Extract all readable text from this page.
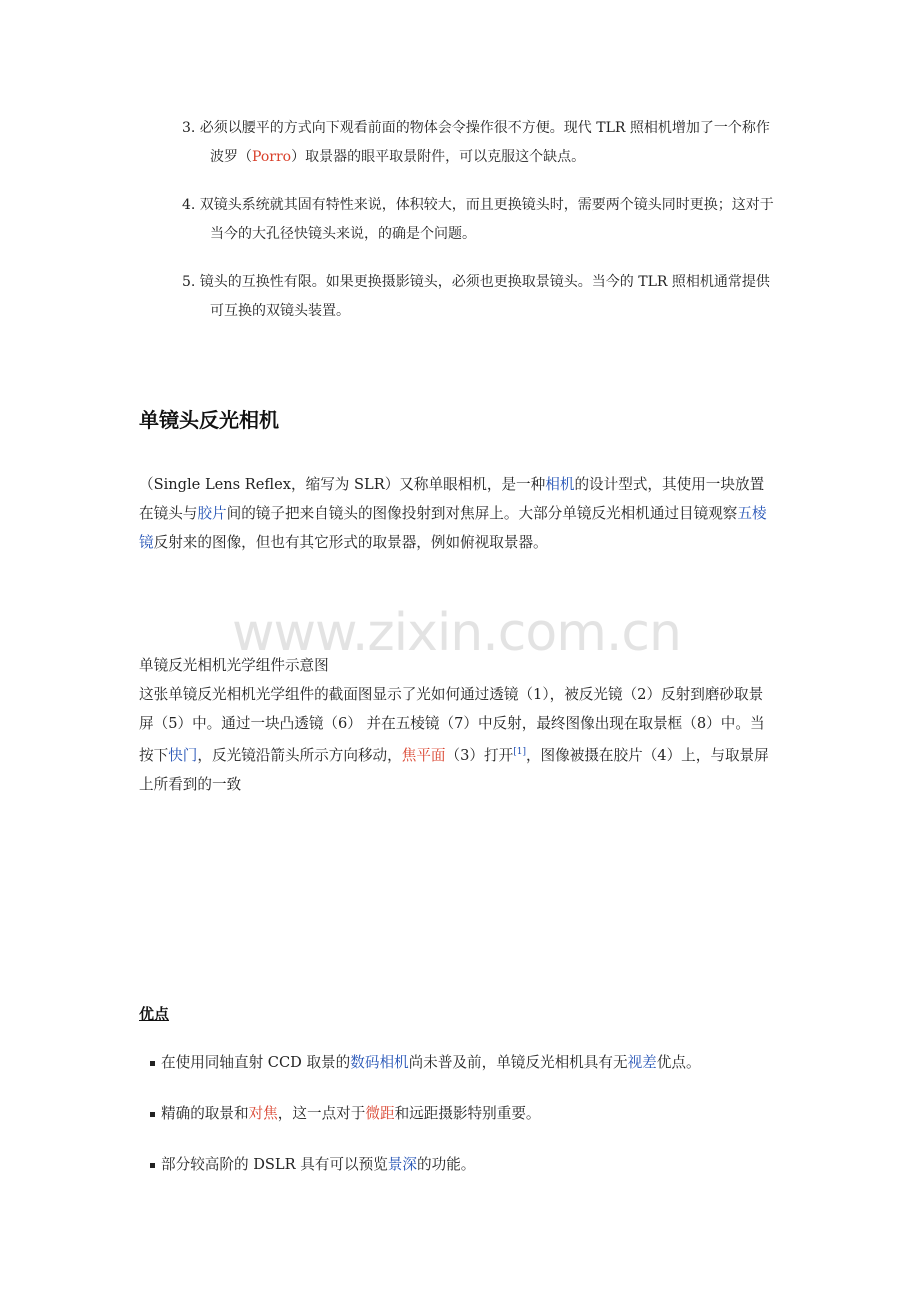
3. 必须以腰平的方式向下观看前面的物体会令操作很不方便。现代 TLR 照相机增加了一个称作波罗（Porro）取景器的眼平取景附件，可以克服这个缺点。
4. 双镜头系统就其固有特性来说，体积较大，而且更换镜头时，需要两个镜头同时更换；这对于当今的大孔径快镜头来说，的确是个问题。
5. 镜头的互换性有限。如果更换摄影镜头，必须也更换取景镜头。当今的 TLR 照相机通常提供可互换的双镜头装置。
单镜头反光相机
（Single Lens Reflex，缩写为 SLR）又称单眼相机，是一种相机的设计型式，其使用一块放置在镜头与胶片间的镜子把来自镜头的图像投射到对焦屏上。大部分单镜反光相机通过目镜观察五棱镜反射来的图像，但也有其它形式的取景器，例如俯视取景器。
www.zixin.com.cn
单镜反光相机光学组件示意图
这张单镜反光相机光学组件的截面图显示了光如何通过透镜（1），被反光镜（2）反射到磨砂取景屏（5）中。通过一块凸透镜（6） 并在五棱镜（7）中反射，最终图像出现在取景框（8）中。当按下快门，反光镜沿箭头所示方向移动，焦平面（3）打开[1]，图像被摄在胶片（4）上，与取景屏上所看到的一致
优点
在使用同轴直射 CCD 取景的数码相机尚未普及前，单镜反光相机具有无视差优点。
精确的取景和对焦，这一点对于微距和远距摄影特别重要。
部分较高阶的 DSLR 具有可以预览景深的功能。
